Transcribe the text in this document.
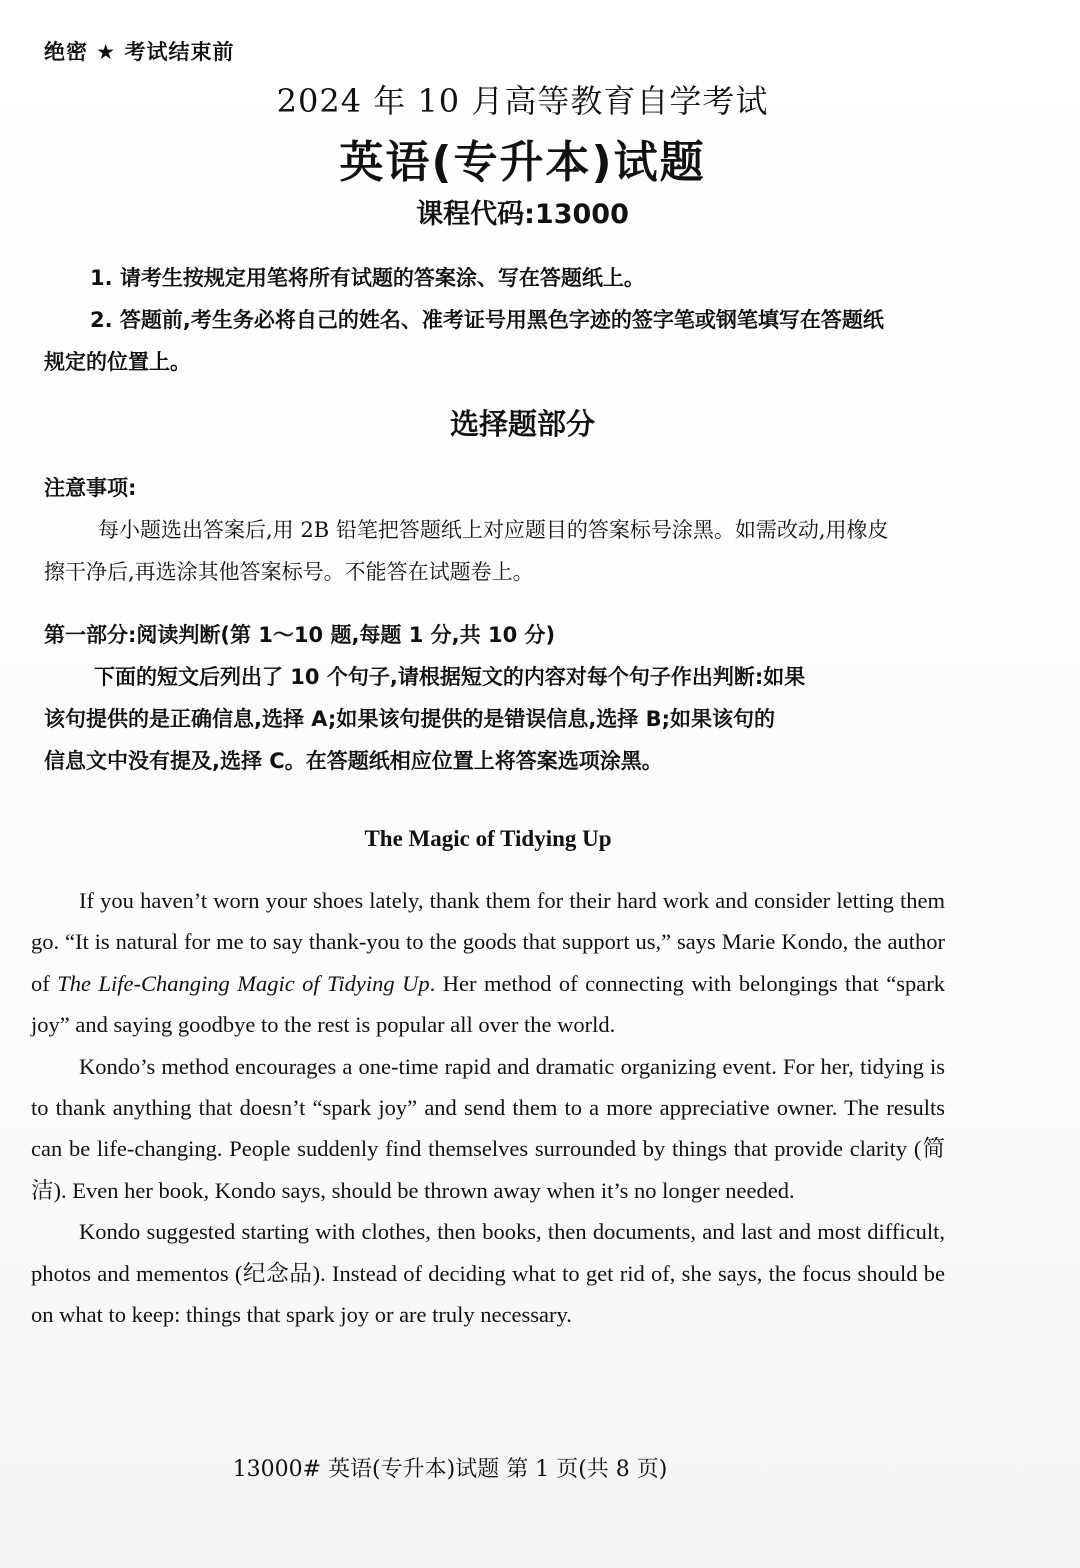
绝密 ★ 考试结束前
2024 年 10 月高等教育自学考试
英语(专升本)试题
课程代码:13000
1. 请考生按规定用笔将所有试题的答案涂、写在答题纸上。
2. 答题前,考生务必将自己的姓名、准考证号用黑色字迹的签字笔或钢笔填写在答题纸
规定的位置上。
选择题部分
注意事项:
每小题选出答案后,用 2B 铅笔把答题纸上对应题目的答案标号涂黑。如需改动,用橡皮
擦干净后,再选涂其他答案标号。不能答在试题卷上。
第一部分:阅读判断(第 1～10 题,每题 1 分,共 10 分)
下面的短文后列出了 10 个句子,请根据短文的内容对每个句子作出判断:如果
该句提供的是正确信息,选择 A;如果该句提供的是错误信息,选择 B;如果该句的
信息文中没有提及,选择 C。在答题纸相应位置上将答案选项涂黑。
The Magic of Tidying Up

If you haven’t worn your shoes lately, thank them for their hard work and consider letting them go. “It is natural for me to say thank-you to the goods that support us,” says Marie Kondo, the author of The Life-Changing Magic of Tidying Up. Her method of connecting with belongings that “spark joy” and saying goodbye to the rest is popular all over the world.

Kondo’s method encourages a one-time rapid and dramatic organizing event. For her, tidying is to thank anything that doesn’t “spark joy” and send them to a more appreciative owner. The results can be life-changing. People suddenly find themselves surrounded by things that provide clarity (简洁). Even her book, Kondo says, should be thrown away when it’s no longer needed.

Kondo suggested starting with clothes, then books, then documents, and last and most difficult, photos and mementos (纪念品). Instead of deciding what to get rid of, she says, the focus should be on what to keep: things that spark joy or are truly necessary.

13000# 英语(专升本)试题 第 1 页(共 8 页)
